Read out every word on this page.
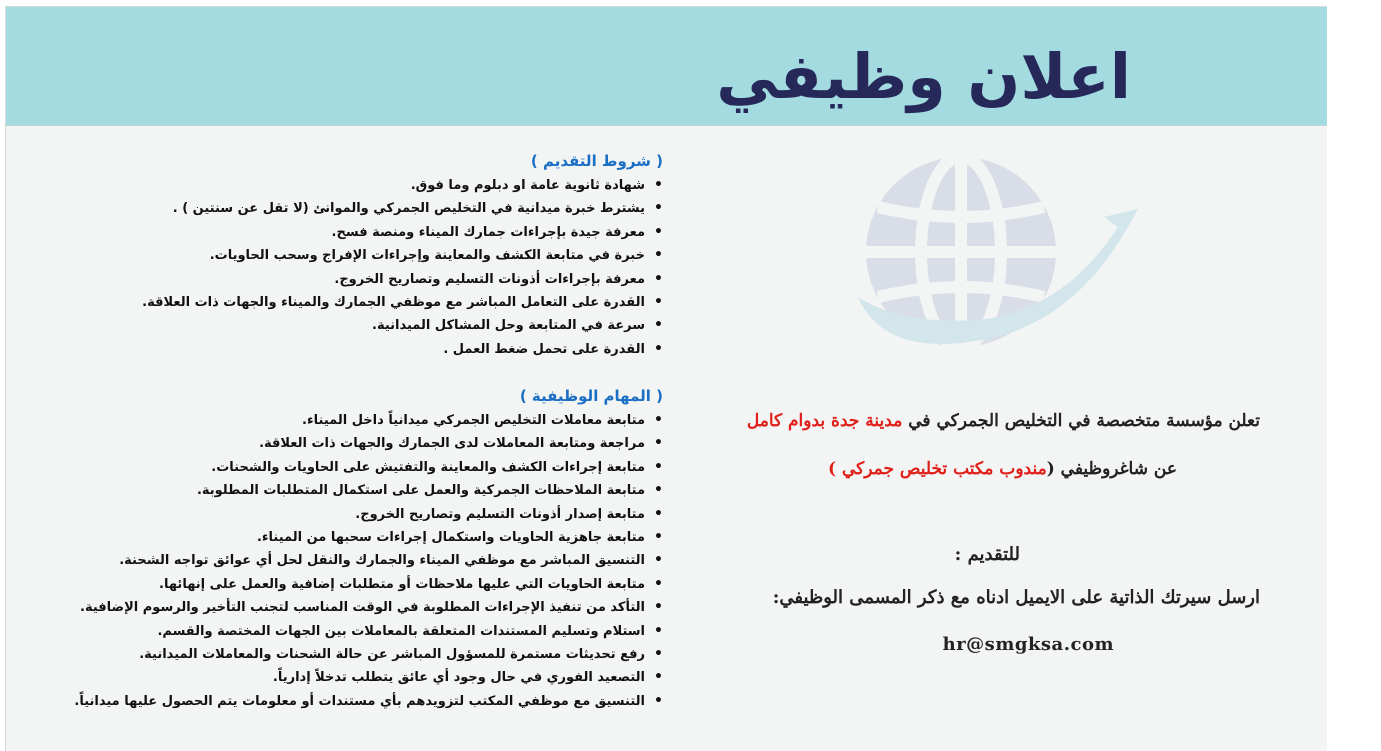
اعلان وظيفي
( شروط التقديم )
• شهادة ثانوية عامة او دبلوم وما فوق.
• يشترط خبرة ميدانية في التخليص الجمركي والموانئ (لا تقل عن سنتين ) .
• معرفة جيدة بإجراءات جمارك الميناء ومنصة فسح.
• خبرة في متابعة الكشف والمعاينة وإجراءات الإفراج وسحب الحاويات.
• معرفة بإجراءات أذونات التسليم وتصاريح الخروج.
• القدرة على التعامل المباشر مع موظفي الجمارك والميناء والجهات ذات العلاقة.
• سرعة في المتابعة وحل المشاكل الميدانية.
• القدرة على تحمل ضغط العمل .
( المهام الوظيفية )
• متابعة معاملات التخليص الجمركي ميدانياً داخل الميناء.
• مراجعة ومتابعة المعاملات لدى الجمارك والجهات ذات العلاقة.
• متابعة إجراءات الكشف والمعاينة والتفتيش على الحاويات والشحنات.
• متابعة الملاحظات الجمركية والعمل على استكمال المتطلبات المطلوبة.
• متابعة إصدار أذونات التسليم وتصاريح الخروج.
• متابعة جاهزية الحاويات واستكمال إجراءات سحبها من الميناء.
• التنسيق المباشر مع موظفي الميناء والجمارك والنقل لحل أي عوائق تواجه الشحنة.
• متابعة الحاويات التي عليها ملاحظات أو متطلبات إضافية والعمل على إنهائها.
• التأكد من تنفيذ الإجراءات المطلوبة في الوقت المناسب لتجنب التأخير والرسوم الإضافية.
• استلام وتسليم المستندات المتعلقة بالمعاملات بين الجهات المختصة والقسم.
• رفع تحديثات مستمرة للمسؤول المباشر عن حالة الشحنات والمعاملات الميدانية.
• التصعيد الفوري في حال وجود أي عائق يتطلب تدخلاً إدارياً.
• التنسيق مع موظفي المكتب لتزويدهم بأي مستندات أو معلومات يتم الحصول عليها ميدانياً.
تعلن مؤسسة متخصصة في التخليص الجمركي في مدينة جدة بدوام كامل
عن شاغروظيفي (مندوب مكتب تخليص جمركي )
للتقديم :
ارسل سيرتك الذاتية على الايميل ادناه مع ذكر المسمى الوظيفي:
hr@smgksa.com
